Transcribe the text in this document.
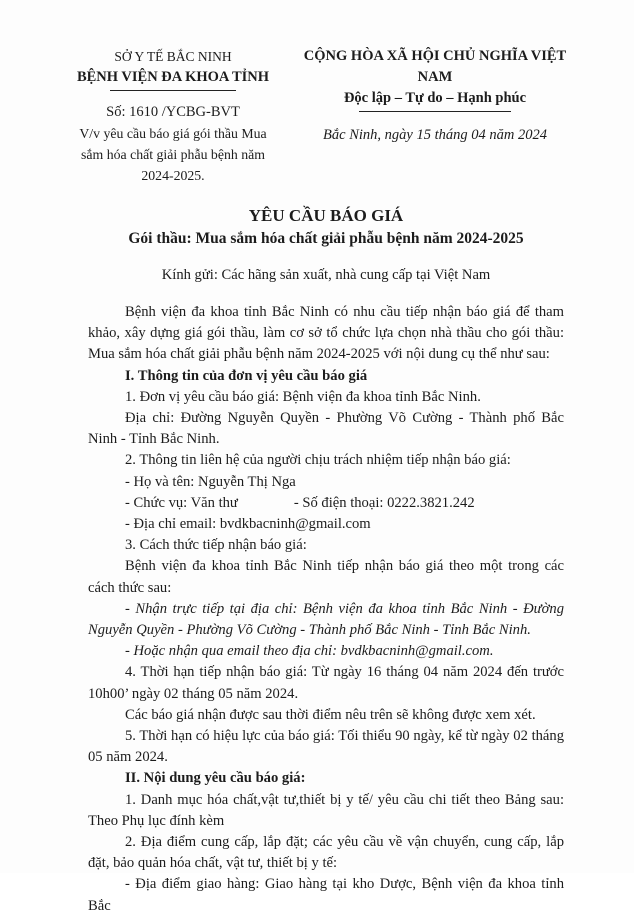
SỞ Y TẾ BẮC NINH

BỆNH VIỆN ĐA KHOA TỈNH

Số: 1610 /YCBG-BVT

V/v yêu cầu báo giá gói thầu Mua

sắm hóa chất giải phẫu bệnh năm

2024-2025.

CỘNG HÒA XÃ HỘI CHỦ NGHĨA VIỆT NAM

Độc lập – Tự do – Hạnh phúc

Bắc Ninh, ngày 15 tháng 04 năm 2024

YÊU CẦU BÁO GIÁ
Gói thầu: Mua sắm hóa chất giải phẫu bệnh năm 2024-2025

Kính gửi: Các hãng sản xuất, nhà cung cấp tại Việt Nam

Bệnh viện đa khoa tỉnh Bắc Ninh có nhu cầu tiếp nhận báo giá để tham khảo, xây dựng giá gói thầu, làm cơ sở tổ chức lựa chọn nhà thầu cho gói thầu: Mua sắm hóa chất giải phẫu bệnh năm 2024-2025 với nội dung cụ thể như sau:

I. Thông tin của đơn vị yêu cầu báo giá

1. Đơn vị yêu cầu báo giá: Bệnh viện đa khoa tỉnh Bắc Ninh.

Địa chỉ: Đường Nguyễn Quyền - Phường Võ Cường - Thành phố Bắc Ninh - Tỉnh Bắc Ninh.

2. Thông tin liên hệ của người chịu trách nhiệm tiếp nhận báo giá:

- Họ và tên: Nguyễn Thị Nga

- Chức vụ: Văn thư	- Số điện thoại: 0222.3821.242

- Địa chỉ email: bvdkbacninh@gmail.com

3. Cách thức tiếp nhận báo giá:

Bệnh viện đa khoa tỉnh Bắc Ninh tiếp nhận báo giá theo một trong các cách thức sau:

- Nhận trực tiếp tại địa chỉ: Bệnh viện đa khoa tỉnh Bắc Ninh - Đường Nguyễn Quyền - Phường Võ Cường - Thành phố Bắc Ninh - Tỉnh Bắc Ninh.

- Hoặc nhận qua email theo địa chỉ: bvdkbacninh@gmail.com.

4. Thời hạn tiếp nhận báo giá: Từ ngày 16 tháng 04 năm 2024 đến trước 10h00’ ngày 02 tháng 05 năm 2024.

Các báo giá nhận được sau thời điểm nêu trên sẽ không được xem xét.

5. Thời hạn có hiệu lực của báo giá: Tối thiểu 90 ngày, kể từ ngày 02 tháng 05 năm 2024.

II. Nội dung yêu cầu báo giá:

1. Danh mục hóa chất,vật tư,thiết bị y tế/ yêu cầu chi tiết theo Bảng sau: Theo Phụ lục đính kèm

2. Địa điểm cung cấp, lắp đặt; các yêu cầu về vận chuyển, cung cấp, lắp đặt, bảo quản hóa chất, vật tư, thiết bị y tế:

- Địa điểm giao hàng: Giao hàng tại kho Dược, Bệnh viện đa khoa tỉnh Bắc
